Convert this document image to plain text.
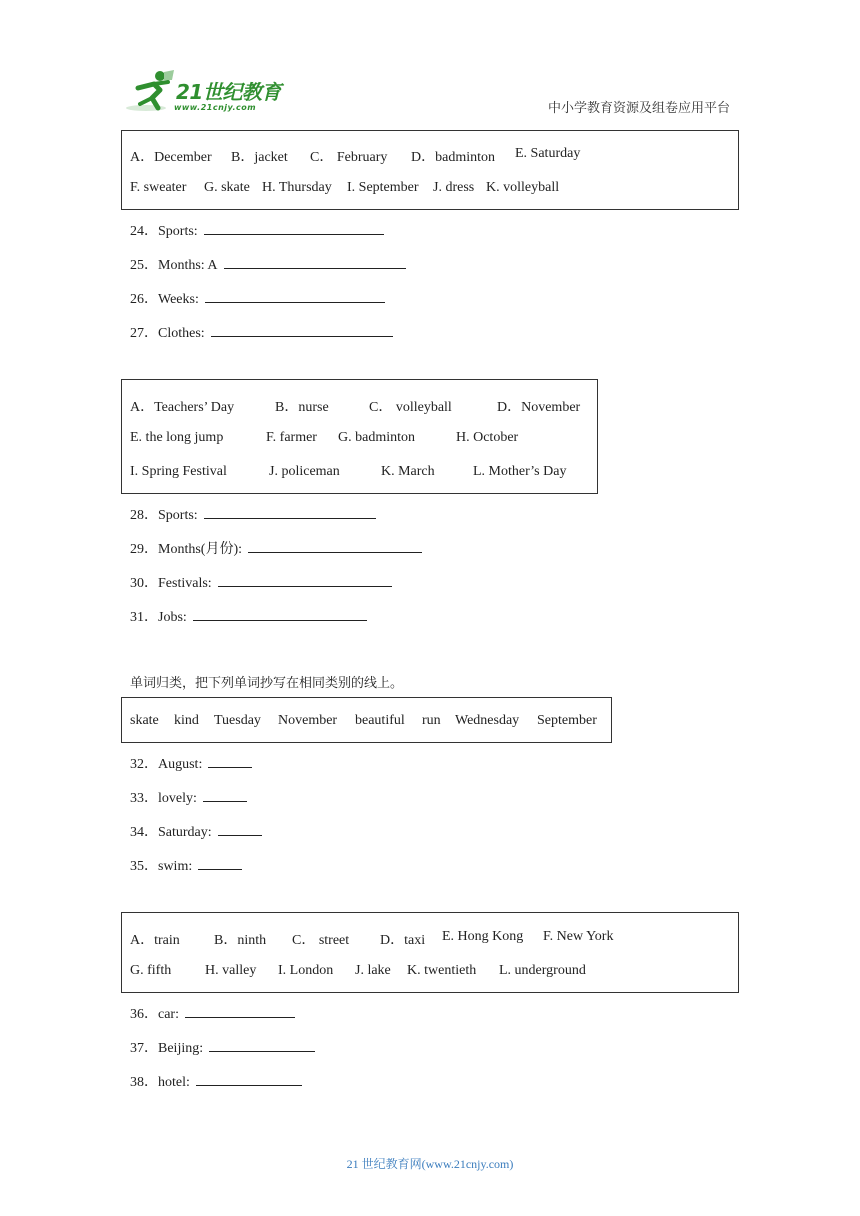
21世纪教育
www.21cnjy.com	中小学教育资源及组卷应用平台
A．December B．jacket C． February D．badminton E. Saturday
F. sweater G. skate H. Thursday I. September J. dress K. volleyball
24．Sports:
25．Months: A
26．Weeks:
27．Clothes:
A．Teachers’ Day	B．nurse	C． volleyball	D．November
E. the long jump	F. farmer G. badminton	H. October
I. Spring Festival	J. policeman	K. March	L. Mother’s Day
28．Sports:
29．Months(月份):
30．Festivals:
31．Jobs:
单词归类，把下列单词抄写在相同类别的线上。
skate kind Tuesday November beautiful run Wednesday September
32．August:
33．lovely:
34．Saturday:
35．swim:
A．train B．ninth C． street D．taxi E. Hong Kong F. New York
G. fifth H. valley I. London J. lake K. twentieth L. underground
36．car:
37．Beijing:
38．hotel:
21 世纪教育网(www.21cnjy.com)
